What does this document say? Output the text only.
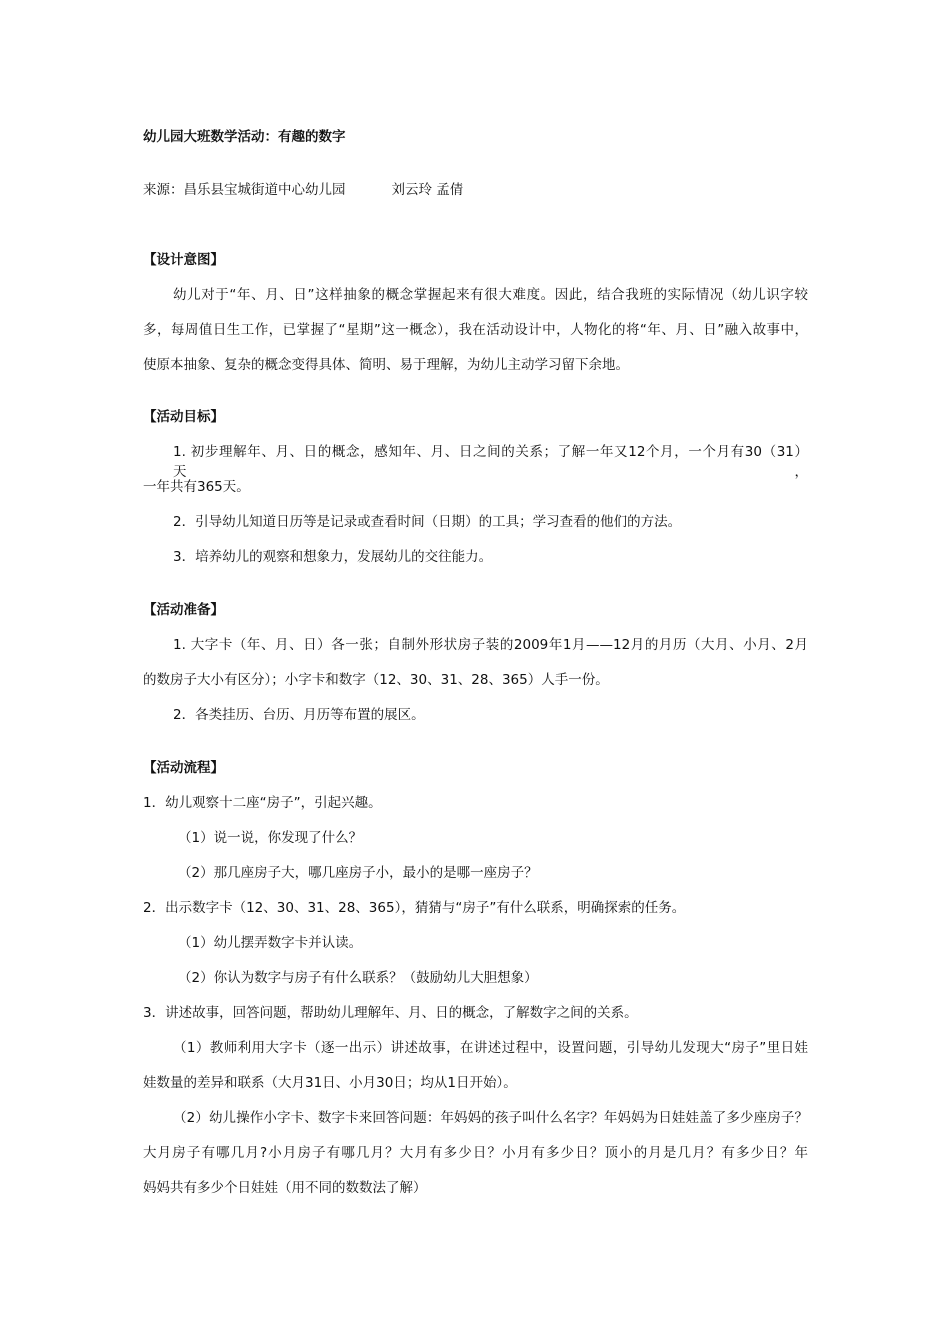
幼儿园大班数学活动：有趣的数字
来源：昌乐县宝城街道中心幼儿园	刘云玲 孟倩
【设计意图】
幼儿对于“年、月、日”这样抽象的概念掌握起来有很大难度。因此，结合我班的实际情况（幼儿识字较
多，每周值日生工作，已掌握了“星期”这一概念），我在活动设计中，人物化的将“年、月、日”融入故事中，
使原本抽象、复杂的概念变得具体、简明、易于理解，为幼儿主动学习留下余地。
【活动目标】
1. 初步理解年、月、日的概念，感知年、月、日之间的关系；了解一年又12个月，一个月有30（31）天，
一年共有365天。
2．引导幼儿知道日历等是记录或查看时间（日期）的工具；学习查看的他们的方法。
3．培养幼儿的观察和想象力，发展幼儿的交往能力。
【活动准备】
1. 大字卡（年、月、日）各一张；自制外形状房子装的2009年1月——12月的月历（大月、小月、2月
的数房子大小有区分）；小字卡和数字（12、30、31、28、365）人手一份。
2．各类挂历、台历、月历等布置的展区。
【活动流程】
1．幼儿观察十二座“房子”，引起兴趣。
（1）说一说，你发现了什么？
（2）那几座房子大，哪几座房子小，最小的是哪一座房子？
2．出示数字卡（12、30、31、28、365），猜猜与“房子”有什么联系，明确探索的任务。
（1）幼儿摆弄数字卡并认读。
（2）你认为数字与房子有什么联系？（鼓励幼儿大胆想象）
3．讲述故事，回答问题，帮助幼儿理解年、月、日的概念，了解数字之间的关系。
（1）教师利用大字卡（逐一出示）讲述故事，在讲述过程中，设置问题，引导幼儿发现大“房子”里日娃
娃数量的差异和联系（大月31日、小月30日；均从1日开始）。
（2）幼儿操作小字卡、数字卡来回答问题：年妈妈的孩子叫什么名字？年妈妈为日娃娃盖了多少座房子？
大月房子有哪几月?小月房子有哪几月？大月有多少日？小月有多少日？顶小的月是几月？有多少日？年
妈妈共有多少个日娃娃（用不同的数数法了解）
